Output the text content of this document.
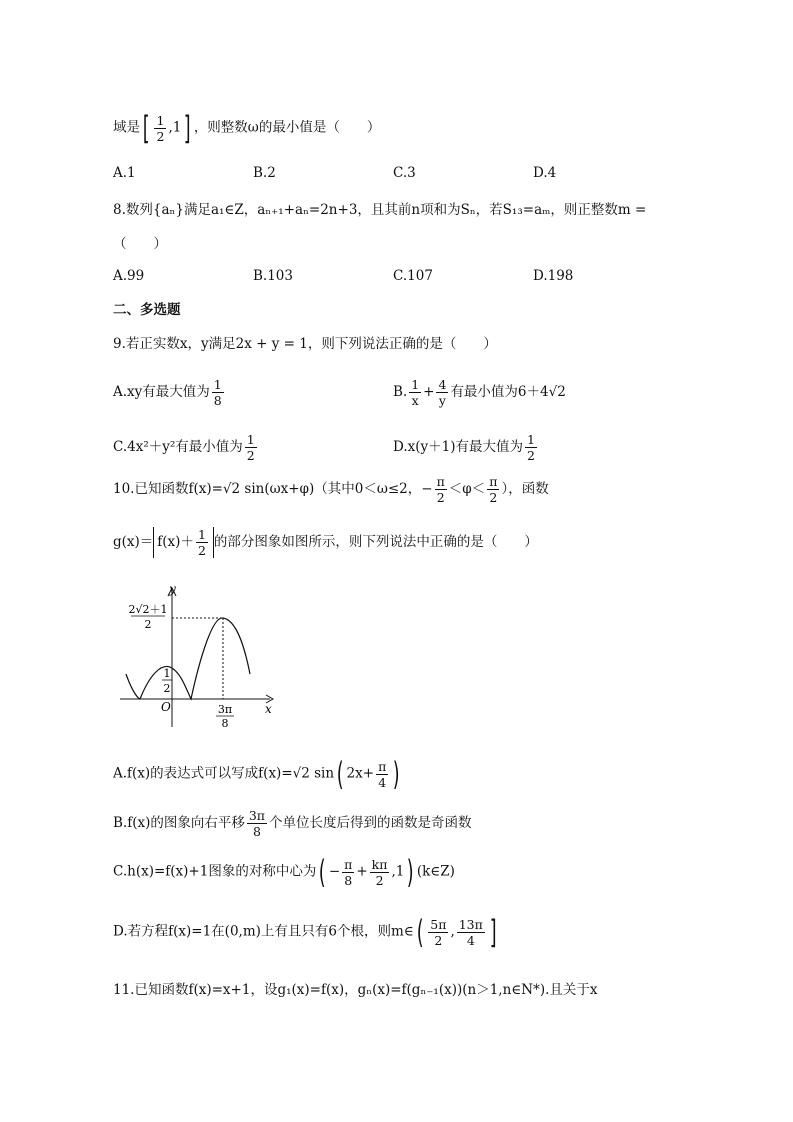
域是[ $\frac{1}{2} ,1$] ，则整数ω的最小值是（　　）
A.1	B.2	C.3	D.4
8.数列{aₙ}满足a₁∈Z，aₙ₊₁+aₙ=2n+3，且其前n项和为Sₙ，若S₁₃=aₘ，则正整数m =
（　　）
A.99	B.103	C.107	D.198
二、多选题
9.若正实数x，y满足2x + y = 1，则下列说法正确的是（　　）
A.xy有最大值为 $\frac{1}{8}$	B. $\frac{1}{x} + \frac{4}{y}$ 有最小值为6＋4√2
C.4x²＋y²有最小值为 $\frac{1}{2}$	D.x(y＋1)有最大值为 $\frac{1}{2}$
10.已知函数f(x)=√2 sin(ωx+φ)（其中0＜ω≤2，− $\frac{\pi}{2} <\varphi< \frac{\pi}{2}$ ），函数
$g(x)= f(x)+ \frac{1}{2}$ 的部分图象如图所示，则下列说法中正确的是（　　）
y
x
O
2√2＋1
2
1
2
3π
8
A.f(x)的表达式可以写成f(x)=√2 sin( $2x+ \frac{\pi}{4}$ )
B.f(x)的图象向右平移 $\frac{3\pi}{8}$ 个单位长度后得到的函数是奇函数
C.h(x)=f(x)+1图象的对称中心为( − $\frac{\pi}{8} + \frac{k\pi}{2} ,1$) (k∈Z)
D.若方程f(x)=1在(0,m)上有且只有6个根，则m∈( $\frac{5\pi}{2}$ , $\frac{13\pi}{4}$ ]
11.已知函数f(x)=x+1，设g₁(x)=f(x)，gₙ(x)=f(gₙ₋₁(x))(n＞1,n∈N*).且关于x
